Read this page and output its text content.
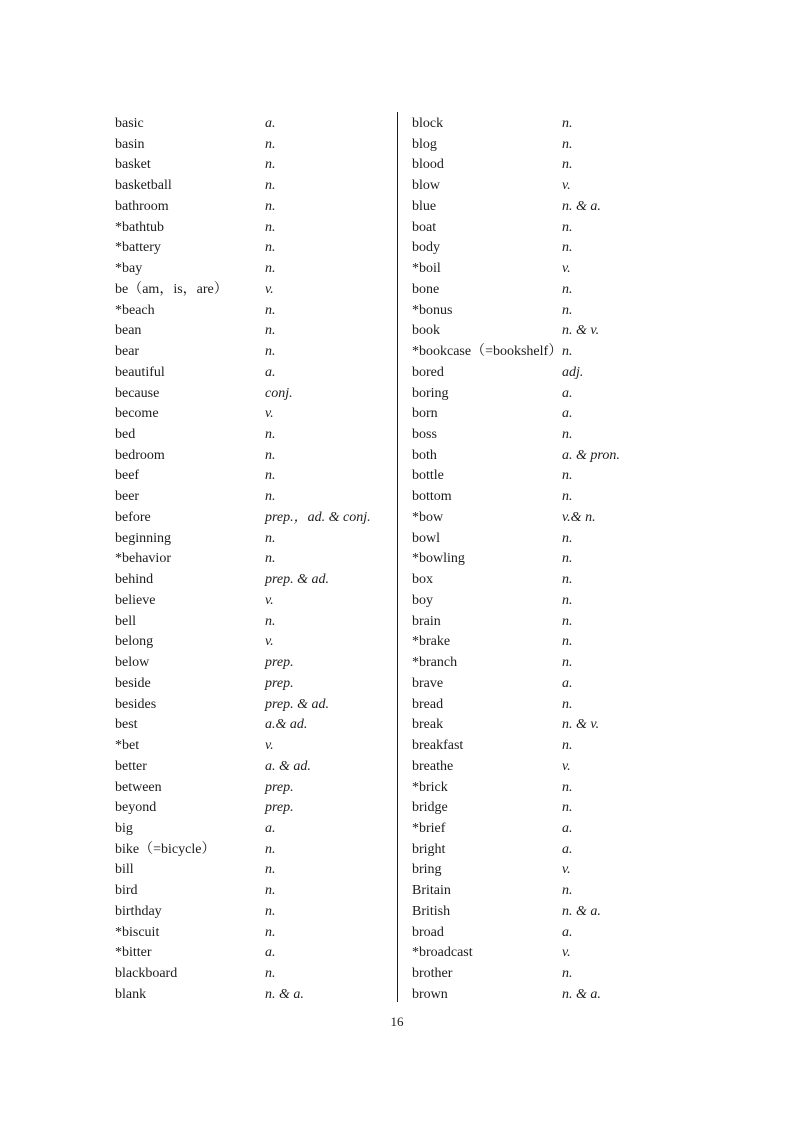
basic	a.
basin	n.
basket	n.
basketball	n.
bathroom	n.
*bathtub	n.
*battery	n.
*bay	n.
be（am，is，are）	v.
*beach	n.
bean	n.
bear	n.
beautiful	a.
because	conj.
become	v.
bed	n.
bedroom	n.
beef	n.
beer	n.
before	prep.，ad. & conj.
beginning	n.
*behavior	n.
behind	prep. & ad.
believe	v.
bell	n.
belong	v.
below	prep.
beside	prep.
besides	prep. & ad.
best	a.& ad.
*bet	v.
better	a. & ad.
between	prep.
beyond	prep.
big	a.
bike（=bicycle）	n.
bill	n.
bird	n.
birthday	n.
*biscuit	n.
*bitter	a.
blackboard	n.
blank	n. & a.
block	n.
blog	n.
blood	n.
blow	v.
blue	n. & a.
boat	n.
body	n.
*boil	v.
bone	n.
*bonus	n.
book	n. & v.
*bookcase（=bookshelf） n.
bored	adj.
boring	a.
born	a.
boss	n.
both	a. & pron.
bottle	n.
bottom	n.
*bow	v.& n.
bowl	n.
*bowling	n.
box	n.
boy	n.
brain	n.
*brake	n.
*branch	n.
brave	a.
bread	n.
break	n. & v.
breakfast	n.
breathe	v.
*brick	n.
bridge	n.
*brief	a.
bright	a.
bring	v.
Britain	n.
British	n. & a.
broad	a.
*broadcast	v.
brother	n.
brown	n. & a.
16
